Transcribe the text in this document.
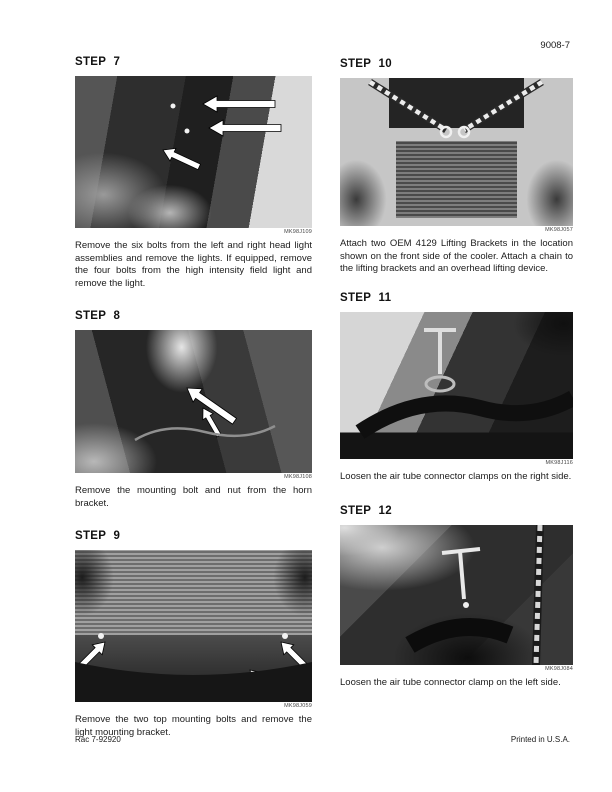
9008-7
STEP 7
MK98J109

Remove the six bolts from the left and right head light assemblies and remove the lights. If equipped, remove the four bolts from the high intensity field light and remove the light.

STEP 8
MK98J108

Remove the mounting bolt and nut from the horn bracket.

STEP 9
MK98J059

Remove the two top mounting bolts and remove the light mounting bracket.

STEP 10
MK98J057

Attach two OEM 4129 Lifting Brackets in the location shown on the front side of the cooler. Attach a chain to the lifting brackets and an overhead lifting device.

STEP 11
MK98J116

Loosen the air tube connector clamps on the right side.

STEP 12
MK98J084

Loosen the air tube connector clamp on the left side.

Rac 7-92920	Printed in U.S.A.
